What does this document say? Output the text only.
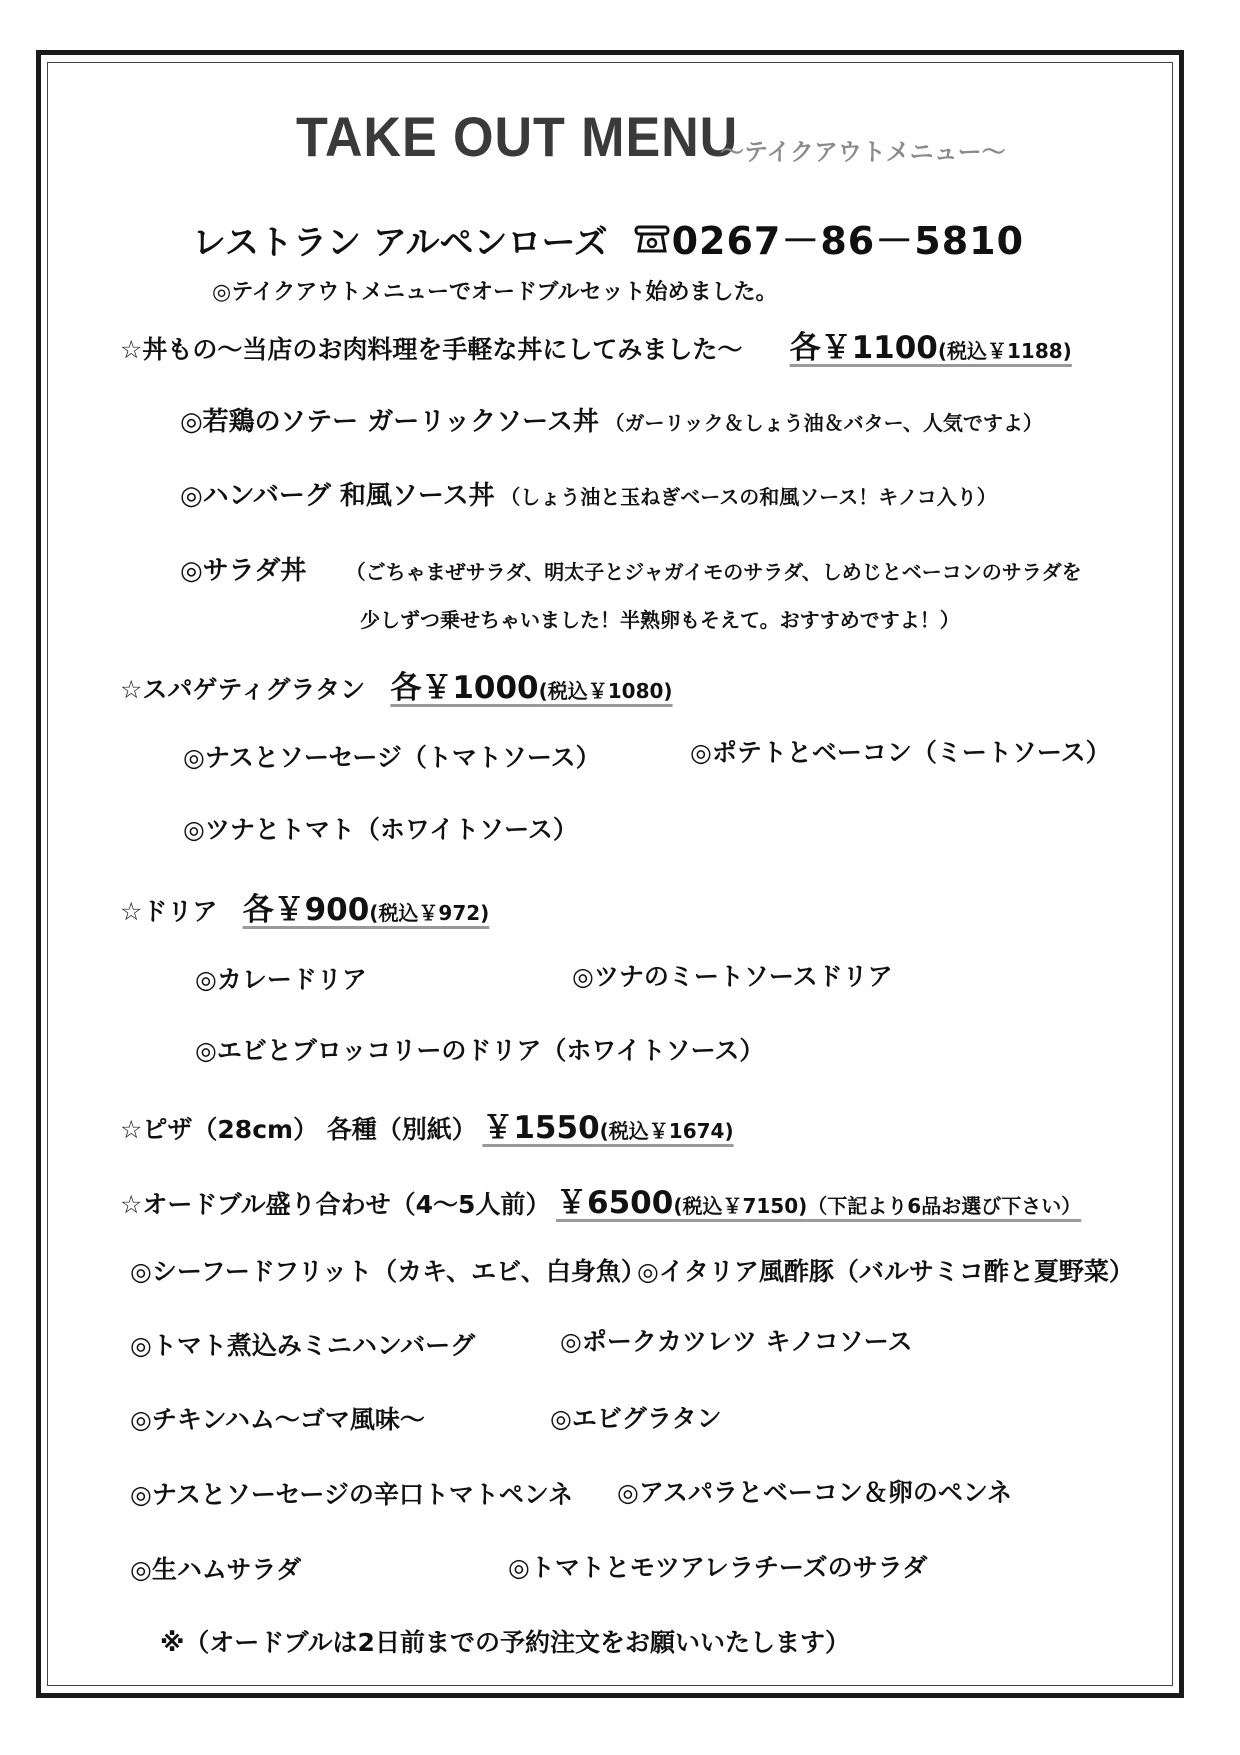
TAKE OUT MENU
～テイクアウトメニュー～
レストラン アルペンローズ 0267－86－5810
◎テイクアウトメニューでオードブルセット始めました。
☆丼もの～当店のお肉料理を手軽な丼にしてみました～ 各￥1100(税込￥1188)
◎若鶏のソテー ガーリックソース丼 （ガーリック＆しょう油＆バター、人気ですよ）
◎ハンバーグ 和風ソース丼 （しょう油と玉ねぎベースの和風ソース！キノコ入り）
◎サラダ丼 （ごちゃまぜサラダ、明太子とジャガイモのサラダ、しめじとベーコンのサラダを
少しずつ乗せちゃいました！半熟卵もそえて。おすすめですよ！）
☆スパゲティグラタン 各￥1000(税込￥1080)
◎ナスとソーセージ（トマトソース）	◎ポテトとベーコン（ミートソース）
◎ツナとトマト（ホワイトソース）
☆ドリア 各￥900(税込￥972)
◎カレードリア	◎ツナのミートソースドリア
◎エビとブロッコリーのドリア（ホワイトソース）
☆ピザ（28cm） 各種（別紙） ￥1550(税込￥1674)
☆オードブル盛り合わせ（4～5人前） ￥6500(税込￥7150)（下記より6品お選び下さい）
◎シーフードフリット（カキ、エビ、白身魚）
◎イタリア風酢豚（バルサミコ酢と夏野菜）
◎トマト煮込みミニハンバーグ	◎ポークカツレツ キノコソース
◎チキンハム～ゴマ風味～	◎エビグラタン
◎ナスとソーセージの辛口トマトペンネ ◎アスパラとベーコン＆卵のペンネ
◎生ハムサラダ	◎トマトとモツアレラチーズのサラダ
※（オードブルは2日前までの予約注文をお願いいたします）
